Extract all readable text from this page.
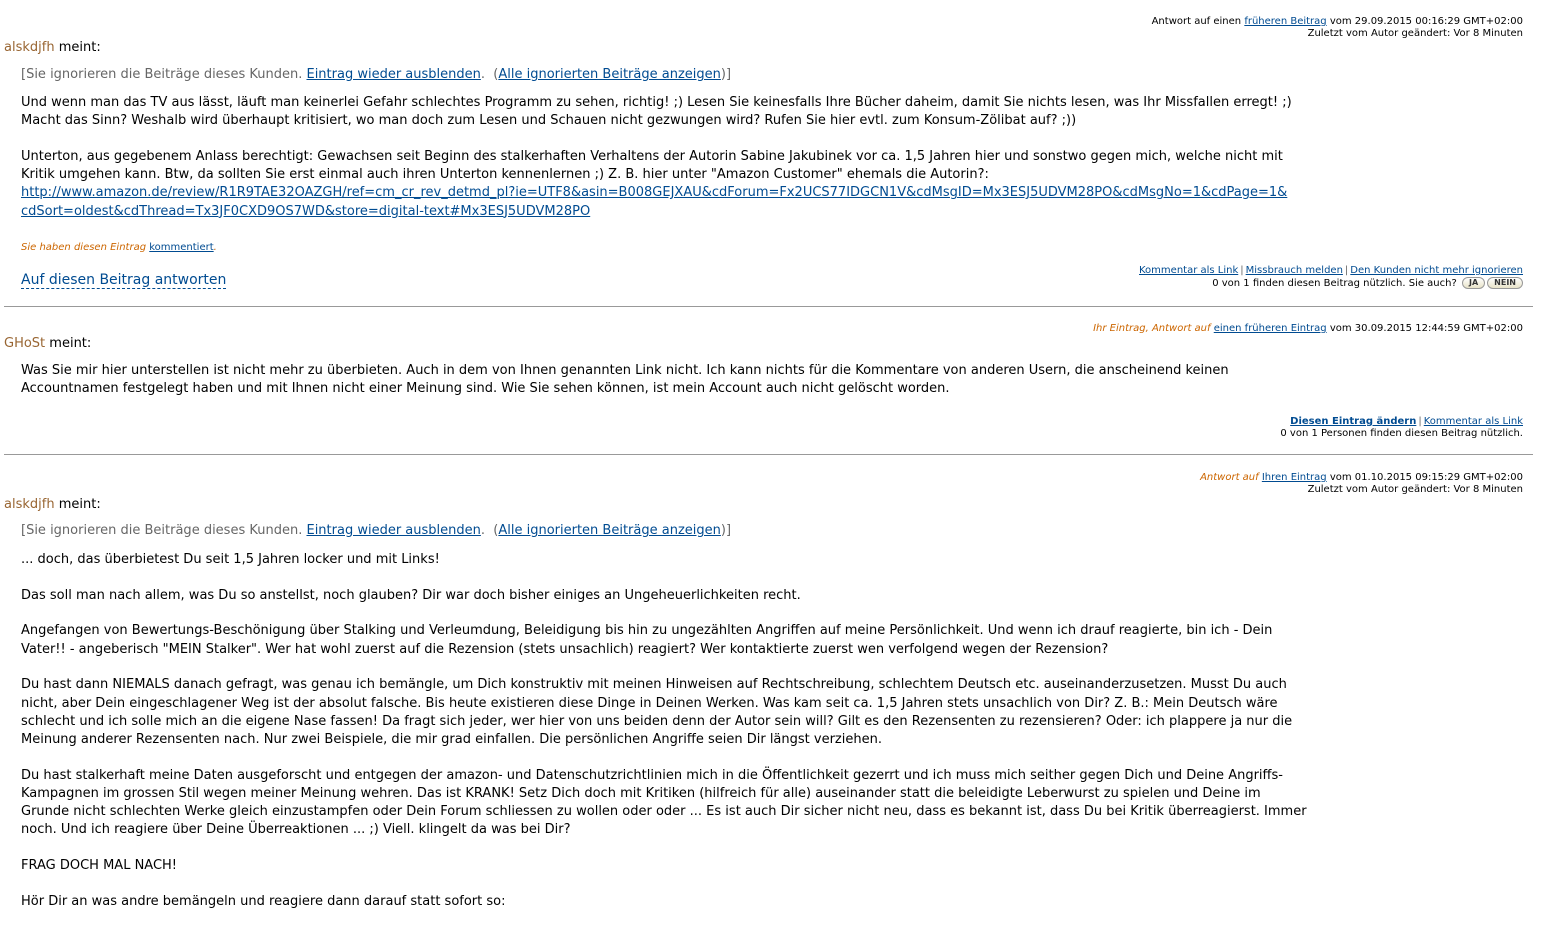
Antwort auf einen früheren Beitrag vom 29.09.2015 00:16:29 GMT+02:00
Zuletzt vom Autor geändert: Vor 8 Minuten
alskdjfh meint:
[Sie ignorieren die Beiträge dieses Kunden. Eintrag wieder ausblenden.  (Alle ignorierten Beiträge anzeigen)]

Und wenn man das TV aus lässt, läuft man keinerlei Gefahr schlechtes Programm zu sehen, richtig! ;) Lesen Sie keinesfalls Ihre Bücher daheim, damit Sie nichts lesen, was Ihr Missfallen erregt! ;) Macht das Sinn? Weshalb wird überhaupt kritisiert, wo man doch zum Lesen und Schauen nicht gezwungen wird? Rufen Sie hier evtl. zum Konsum-Zölibat auf? ;))

Unterton, aus gegebenem Anlass berechtigt: Gewachsen seit Beginn des stalkerhaften Verhaltens der Autorin Sabine Jakubinek vor ca. 1,5 Jahren hier und sonstwo gegen mich, welche nicht mit Kritik umgehen kann. Btw, da sollten Sie erst einmal auch ihren Unterton kennenlernen ;) Z. B. hier unter "Amazon Customer" ehemals die Autorin?:

http://www.amazon.de/review/R1R9TAE32OAZGH/ref=cm_cr_rev_detmd_pl?ie=UTF8&asin=B008GEJXAU&cdForum=Fx2UCS77IDGCN1V&cdMsgID=Mx3ESJ5UDVM28PO&cdMsgNo=1&cdPage=1&
cdSort=oldest&cdThread=Tx3JF0CXD9OS7WD&store=digital-text#Mx3ESJ5UDVM28PO
Sie haben diesen Eintrag kommentiert.
Auf diesen Beitrag antworten
Kommentar als Link | Missbrauch melden | Den Kunden nicht mehr ignorieren
0 von 1 finden diesen Beitrag nützlich. Sie auch? JA NEIN
Ihr Eintrag, Antwort auf einen früheren Eintrag vom 30.09.2015 12:44:59 GMT+02:00
GHoSt meint:

Was Sie mir hier unterstellen ist nicht mehr zu überbieten. Auch in dem von Ihnen genannten Link nicht. Ich kann nichts für die Kommentare von anderen Usern, die anscheinend keinen Accountnamen festgelegt haben und mit Ihnen nicht einer Meinung sind. Wie Sie sehen können, ist mein Account auch nicht gelöscht worden.

Diesen Eintrag ändern | Kommentar als Link
0 von 1 Personen finden diesen Beitrag nützlich.
Antwort auf Ihren Eintrag vom 01.10.2015 09:15:29 GMT+02:00
Zuletzt vom Autor geändert: Vor 8 Minuten
alskdjfh meint:
[Sie ignorieren die Beiträge dieses Kunden. Eintrag wieder ausblenden.  (Alle ignorierten Beiträge anzeigen)]

... doch, das überbietest Du seit 1,5 Jahren locker und mit Links!

Das soll man nach allem, was Du so anstellst, noch glauben? Dir war doch bisher einiges an Ungeheuerlichkeiten recht.

Angefangen von Bewertungs-Beschönigung über Stalking und Verleumdung, Beleidigung bis hin zu ungezählten Angriffen auf meine Persönlichkeit. Und wenn ich drauf reagierte, bin ich - Dein Vater!! - angeberisch "MEIN Stalker". Wer hat wohl zuerst auf die Rezension (stets unsachlich) reagiert? Wer kontaktierte zuerst wen verfolgend wegen der Rezension?

Du hast dann NIEMALS danach gefragt, was genau ich bemängle, um Dich konstruktiv mit meinen Hinweisen auf Rechtschreibung, schlechtem Deutsch etc. auseinanderzusetzen. Musst Du auch nicht, aber Dein eingeschlagener Weg ist der absolut falsche. Bis heute existieren diese Dinge in Deinen Werken. Was kam seit ca. 1,5 Jahren stets unsachlich von Dir? Z. B.: Mein Deutsch wäre schlecht und ich solle mich an die eigene Nase fassen! Da fragt sich jeder, wer hier von uns beiden denn der Autor sein will? Gilt es den Rezensenten zu rezensieren? Oder: ich plappere ja nur die Meinung anderer Rezensenten nach. Nur zwei Beispiele, die mir grad einfallen. Die persönlichen Angriffe seien Dir längst verziehen.

Du hast stalkerhaft meine Daten ausgeforscht und entgegen der amazon- und Datenschutzrichtlinien mich in die Öffentlichkeit gezerrt und ich muss mich seither gegen Dich und Deine Angriffs-Kampagnen im grossen Stil wegen meiner Meinung wehren. Das ist KRANK! Setz Dich doch mit Kritiken (hilfreich für alle) auseinander statt die beleidigte Leberwurst zu spielen und Deine im Grunde nicht schlechten Werke gleich einzustampfen oder Dein Forum schliessen zu wollen oder oder ... Es ist auch Dir sicher nicht neu, dass es bekannt ist, dass Du bei Kritik überreagierst. Immer noch. Und ich reagiere über Deine Überreaktionen ... ;) Viell. klingelt da was bei Dir?

FRAG DOCH MAL NACH!

Hör Dir an was andre bemängeln und reagiere dann darauf statt sofort so:
